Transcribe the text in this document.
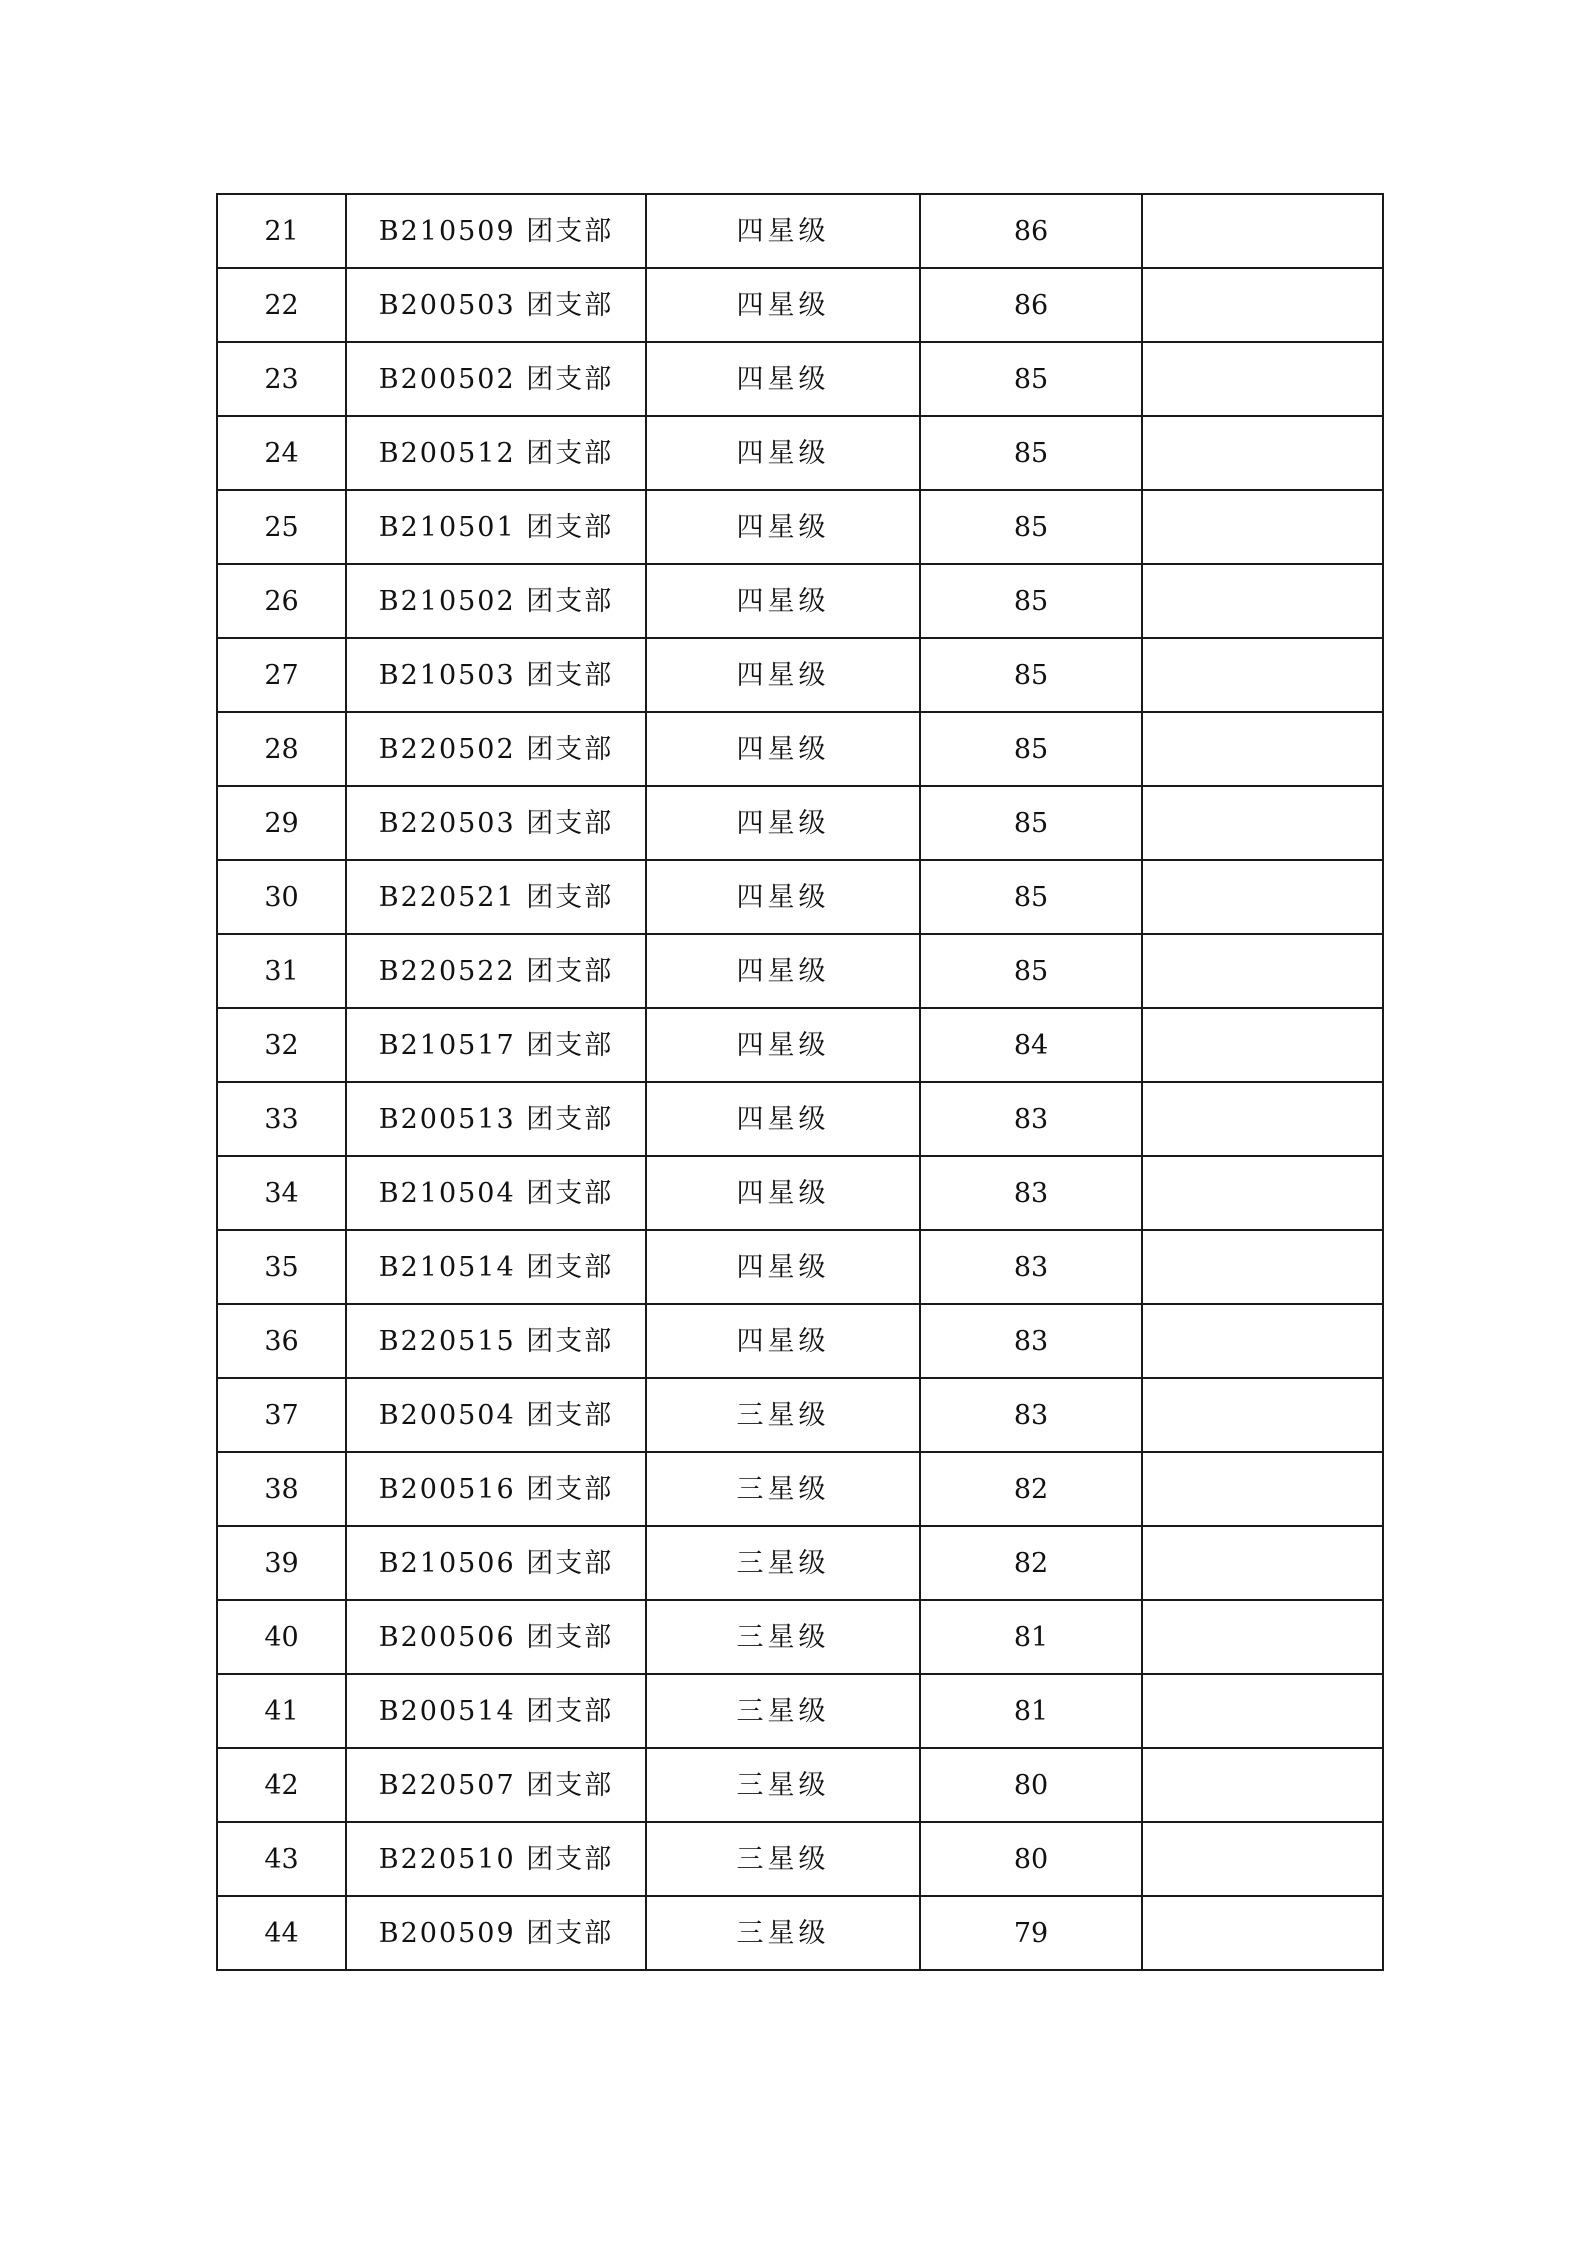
21	B210509 团支部	四星级	86	
22	B200503 团支部	四星级	86	
23	B200502 团支部	四星级	85	
24	B200512 团支部	四星级	85	
25	B210501 团支部	四星级	85	
26	B210502 团支部	四星级	85	
27	B210503 团支部	四星级	85	
28	B220502 团支部	四星级	85	
29	B220503 团支部	四星级	85	
30	B220521 团支部	四星级	85	
31	B220522 团支部	四星级	85	
32	B210517 团支部	四星级	84	
33	B200513 团支部	四星级	83	
34	B210504 团支部	四星级	83	
35	B210514 团支部	四星级	83	
36	B220515 团支部	四星级	83	
37	B200504 团支部	三星级	83	
38	B200516 团支部	三星级	82	
39	B210506 团支部	三星级	82	
40	B200506 团支部	三星级	81	
41	B200514 团支部	三星级	81	
42	B220507 团支部	三星级	80	
43	B220510 团支部	三星级	80	
44	B200509 团支部	三星级	79	
